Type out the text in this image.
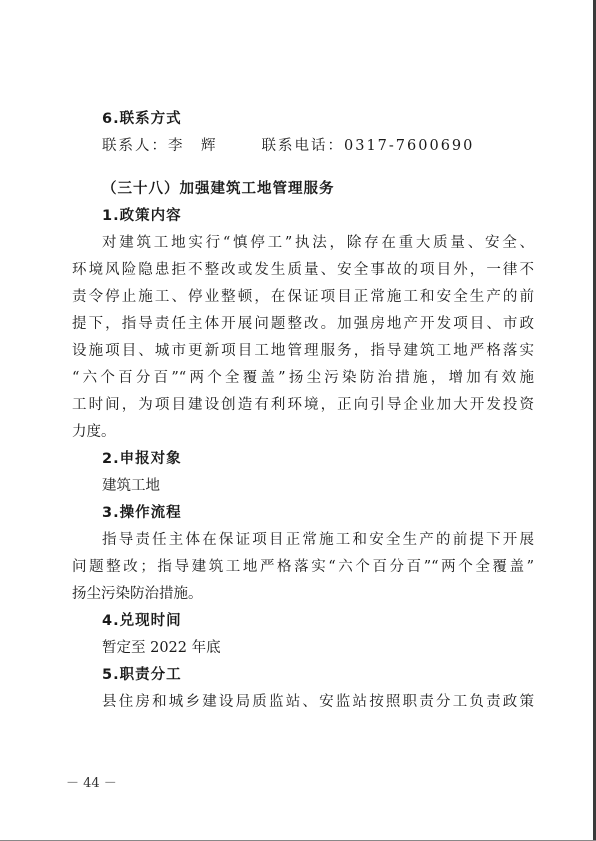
6.联系方式
联系人：李　辉	联系电话：0317-7600690
（三十八）加强建筑工地管理服务
1.政策内容
对建筑工地实行“慎停工”执法，除存在重大质量、安全、
环境风险隐患拒不整改或发生质量、安全事故的项目外，一律不
责令停止施工、停业整顿，在保证项目正常施工和安全生产的前
提下，指导责任主体开展问题整改。加强房地产开发项目、市政
设施项目、城市更新项目工地管理服务，指导建筑工地严格落实
“六个百分百”“两个全覆盖”扬尘污染防治措施，增加有效施
工时间，为项目建设创造有利环境，正向引导企业加大开发投资
力度。
2.申报对象
建筑工地
3.操作流程
指导责任主体在保证项目正常施工和安全生产的前提下开展
问题整改；指导建筑工地严格落实“六个百分百”“两个全覆盖”
扬尘污染防治措施。
4.兑现时间
暂定至 2022 年底
5.职责分工
县住房和城乡建设局质监站、安监站按照职责分工负责政策
－ 44 －
